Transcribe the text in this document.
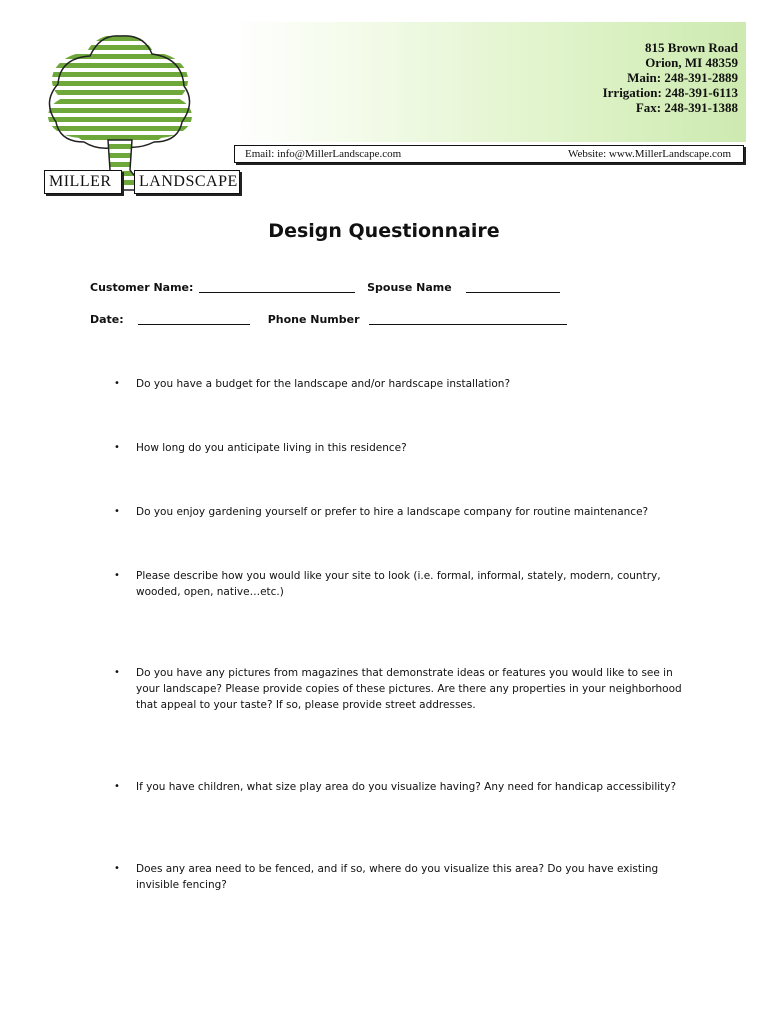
MILLER	LANDSCAPE
815 Brown Road
Orion, MI 48359
Main: 248-391-2889
Irrigation: 248-391-6113
Fax: 248-391-1388
Email: info@MillerLandscape.com	Website: www.MillerLandscape.com
Design Questionnaire
Customer Name:	Spouse Name
Date:	Phone Number
• Do you have a budget for the landscape and/or hardscape installation?
• How long do you anticipate living in this residence?
• Do you enjoy gardening yourself or prefer to hire a landscape company for routine maintenance?
• Please describe how you would like your site to look (i.e. formal, informal, stately, modern, country, wooded, open, native…etc.)
• Do you have any pictures from magazines that demonstrate ideas or features you would like to see in your landscape? Please provide copies of these pictures. Are there any properties in your neighborhood that appeal to your taste? If so, please provide street addresses.
• If you have children, what size play area do you visualize having? Any need for handicap accessibility?
• Does any area need to be fenced, and if so, where do you visualize this area? Do you have existing invisible fencing?
